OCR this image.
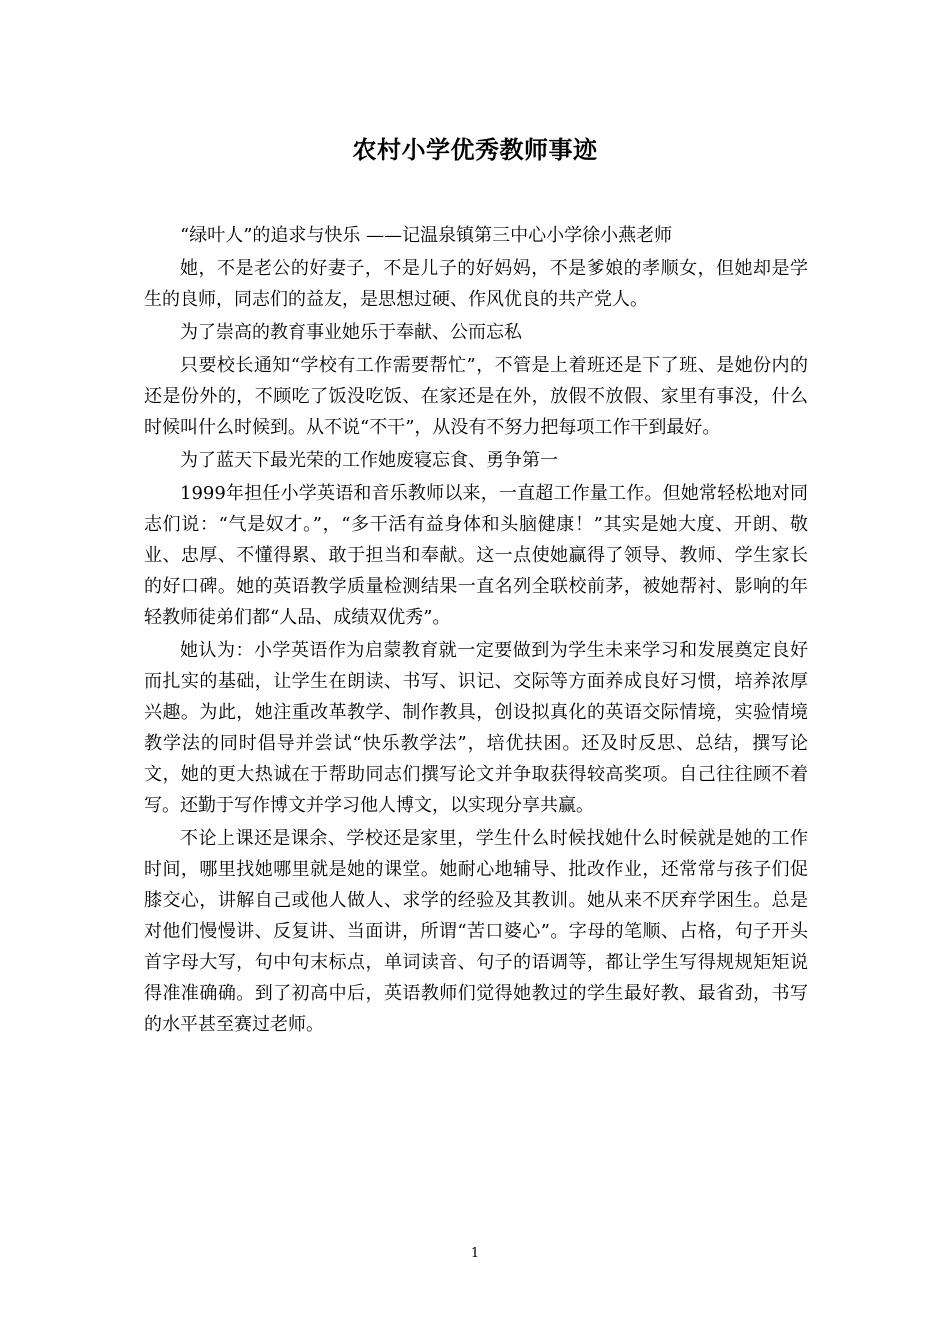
农村小学优秀教师事迹

“绿叶人”的追求与快乐 ——记温泉镇第三中心小学徐小燕老师

她，不是老公的好妻子，不是儿子的好妈妈，不是爹娘的孝顺女，但她却是学生的良师，同志们的益友，是思想过硬、作风优良的共产党人。

为了崇高的教育事业她乐于奉献、公而忘私

只要校长通知“学校有工作需要帮忙”，不管是上着班还是下了班、是她份内的还是份外的，不顾吃了饭没吃饭、在家还是在外，放假不放假、家里有事没，什么时候叫什么时候到。从不说“不干”，从没有不努力把每项工作干到最好。

为了蓝天下最光荣的工作她废寝忘食、勇争第一

1999年担任小学英语和音乐教师以来，一直超工作量工作。但她常轻松地对同志们说：“气是奴才。”，“多干活有益身体和头脑健康！”其实是她大度、开朗、敬业、忠厚、不懂得累、敢于担当和奉献。这一点使她赢得了领导、教师、学生家长的好口碑。她的英语教学质量检测结果一直名列全联校前茅，被她帮衬、影响的年轻教师徒弟们都“人品、成绩双优秀”。

她认为：小学英语作为启蒙教育就一定要做到为学生未来学习和发展奠定良好而扎实的基础，让学生在朗读、书写、识记、交际等方面养成良好习惯，培养浓厚兴趣。为此，她注重改革教学、制作教具，创设拟真化的英语交际情境，实验情境教学法的同时倡导并尝试“快乐教学法”，培优扶困。还及时反思、总结，撰写论文，她的更大热诚在于帮助同志们撰写论文并争取获得较高奖项。自己往往顾不着写。还勤于写作博文并学习他人博文，以实现分享共赢。

不论上课还是课余、学校还是家里，学生什么时候找她什么时候就是她的工作时间，哪里找她哪里就是她的课堂。她耐心地辅导、批改作业，还常常与孩子们促膝交心，讲解自己或他人做人、求学的经验及其教训。她从来不厌弃学困生。总是对他们慢慢讲、反复讲、当面讲，所谓“苦口婆心”。字母的笔顺、占格，句子开头首字母大写，句中句末标点，单词读音、句子的语调等，都让学生写得规规矩矩说得准准确确。到了初高中后，英语教师们觉得她教过的学生最好教、最省劲，书写的水平甚至赛过老师。

1
